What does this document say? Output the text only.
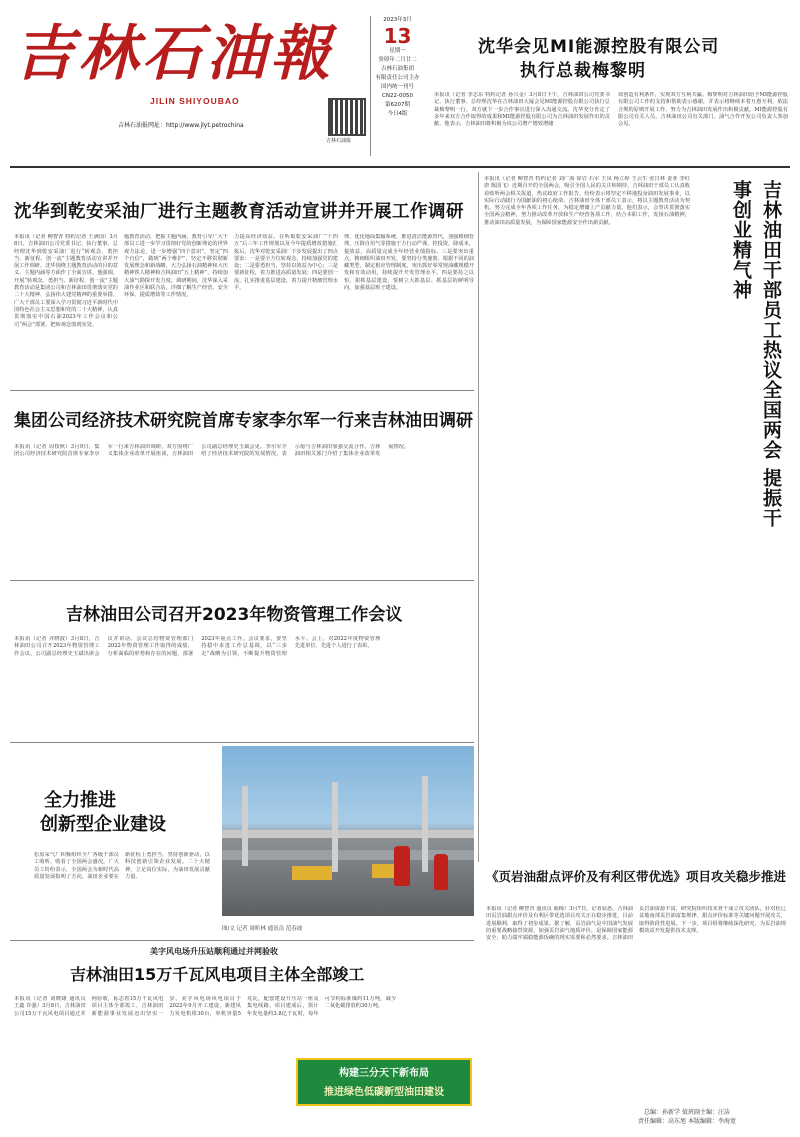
吉林石油報
JILIN SHIYOUBAO
吉林石油报网址：http://www.jlyt.petrochina
2023年3月
13
星期一
癸卯年二月廿二
吉林石油集团
有限责任公司主办
国内统一刊号
CN22-0050
第6207期
今日4版
吉林石油报
沈华会见MI能源控股有限公司
执行总裁梅黎明
本报讯（记者 李志东 特约记者 孙兴金）3月8日下午，吉林油田公司党委书记、执行董事、总经理沈华在吉林油田大厦会见MI能源控股有限公司执行总裁梅黎明一行，双方就下一步合作事宜进行深入沟通交流。沈华充分肯定了多年来双方合作取得的成果和MI能源控股有限公司为吉林油田发展作出的贡献，他表示，吉林油田将积极为该公司增产增效增储
效创造有利条件，实现双方互利共赢。梅黎明对吉林油田给予MI能源控股有限公司工作的支持和帮助表示感谢，并表示将继续本着互惠互利、依法合规的原则开展工作，努力为吉林油田发展作出积极贡献。MI能源控股有限公司有关人员，吉林油田公司有关部门、油气合作开发公司负责人参加会见。
沈华到乾安采油厂进行主题教育活动宣讲并开展工作调研
本报讯（记者 柳智青 特约记者 王满国）3月8日，吉林油田公司党委书记、执行董事、总经理沈华到乾安采油厂进行“转观念、勇担当、新征程、创一流”主题教育活动宣讲并开展工作调研。沈华围绕主题教育活动的目的意义、主题内涵等方面作了全面宣讲。他强调，开展“转观念、勇担当、新征程、创一流”主题教育活动是集团公司和吉林油田贯彻落实党的二十大精神、弘扬伟大建党精神的重要举措。广大干部员工要深入学习贯彻习近平新时代中国特色社会主义思想和党的二十大精神，认真贯彻落实中国石油2023年工作会议和公司“两会”部署，把转观念落到实处。
题教育活动，把握主题内涵，教育引导广大干部员工进一步学习贯彻好党的创新理论的世界观方法论，进一步增强“四个意识”，坚定“四个自信”，做到“两个维护”，坚定不移贯彻新发展理念和新战略，大力弘扬石油精神和大庆精神铁人精神和吉林油田“五上精神”，持续加大油气勘探开发力度。调研期间，沈华深入采油作业区和联合站，详细了解生产经营、安全环保、提质增效等工作情况。
力提高经济效益。在听取乾安采油厂“十四五”后三年工作规划以及今年提质增效措施汇报后，沈华对乾安采油厂下步发展提出了四点要求：一是要全方位转观念，持续加强党的建设；二是要勇担当，坚持以效益为中心；三是要新征程，着力推进高质量发展；四是要创一流，扎实推进基层建设，着力提升精细管理水平。
理，优化地面集输系统，推进清洁能源替代，加强精细管理，压降自用气等措施于方行动严谨，控投资，降成本，提效益，高质量完成全年经营业绩指标。三是要突出重点，精细组织油田开发，要坚持分类施策，根据不同的油藏类型，制定相应管理制度，突出抓好零常规油藏规模开发和有效动用，持续提升开发管理水平。四是要持之以恒，狠抓基层建设，要树立大抓基层、抓基层的鲜明导向，加强基层班子建设。
本报讯（记者 柳智青 特约记者 刘广海 徐岩 石军 王凤 杨立婷 王云生 张日林 姜亚 李红 唐 陈国飞）近期召开的全国两会，吸引全国人民的关注和期待。吉林油田干部员工认真收看收听两会相关报道，热议政府工作报告，纷纷表示将坚定不移地投身油田发展事业，以实际行动践行为国献油的初心使命。吉林油田全体干部员工表示，将以主题教育活动为契机，努力完成全年各项工作任务，为稳定增储上产贡献力量。他们表示，会坚决贯彻落实全国两会精神，努力推动改革开放和生产经营各项工作，结合本职工作，发扬石油精神，推动油田高质量发展，为保障国家能源安全作出新贡献。	吉林油田干部员工热议全国两会 提振干事创业精气神
集团公司经济技术研究院首席专家李尔军一行来吉林油田调研
本报讯（记者 周枝秋）3月9日，集团公司经济技术研究院首席专家李尔军一行来吉林油田调研，双方围绕广义集体企业改革开展座谈，吉林油田公司副总经理史玉斌会见。李尔军介绍了经济技术研究院的发展情况，表示愿与吉林油田加强交流合作。吉林油田相关部门介绍了集体企业改革发展情况。
吉林油田公司召开2023年物资管理工作会议
本报讯（记者 齐晓波）3月8日，吉林油田公司召开2023年物资管理工作会议。公司副总经理史玉斌出席会议并讲话。会议总结物资管理部门2022年物资管理工作取得的成绩，分析面临的形势和存在的问题，部署2023年重点工作。会议要求，要坚持稳中求进工作总基调，以“三步走”战略为引领，不断提升物资管理水平。会上，对2022年度物资管理先进单位、先进个人进行了表彰。
全力推进
创新型企业建设
松原采气厂积极组织全厂各级干部员工收听、收看了全国两会盛况。广大员工纷纷表示，全国两会为新时代高质量发展指明了方向，油田企业要在新征程上勇担当，坚持创新驱动，以科技创新引领企业发展。二十大精神，立足岗位实际，为油田发展贡献力量。
图/文 记者 周昕林 通讯员 范春波
《页岩油甜点评价及有利区带优选》项目攻关稳步推进
本报讯（记者 柳智青 通讯员 曲梅）3月7日，记者获悉，吉林油田页岩油甜点评价及有利区带优选项目攻关正在稳步推进，目前进展顺利，取得了初步成果。据了解，页岩油气是中国油气发展的重要战略接替资源，加强页岩油气地质评价，是保障国家能源安全，助力端牢端稳能源饭碗的现实需要和必然要求。吉林油田页岩油资源丰富，研究院组织技术骨干成立攻关团队，针对松辽盆地南部页岩油富集规律、甜点评价标准等关键问题开展攻关，取得阶段性进展。下一步，项目组将继续深化研究，为页岩油规模效益开发提供技术支撑。
美字风电场升压站顺利通过并网验收
吉林油田15万千瓦风电项目主体全部竣工
本报讯（记者 刘晓雄 通讯员 王鑫 许强）3月8日，吉林油田公司15万千瓦风电项目通过并网验收，标志着15万千瓦风电项目主体全部竣工，吉林油田新能源事业发展迈出坚实一步。美字风电场风电项目于2022年9月开工建设，新建风力发电机组30台，单机容量5兆瓦，配套建设升压站一座及集电线路。项目建成后，预计年发电量约3.8亿千瓦时，每年可节约标准煤约11万吨，减少二氧化碳排放约30万吨。
构建三分天下新布局
推进绿色低碳新型油田建设
总编：孙新学 值班副主编：汪洁
责任编辑：高东旭 本版编辑：李海宽
